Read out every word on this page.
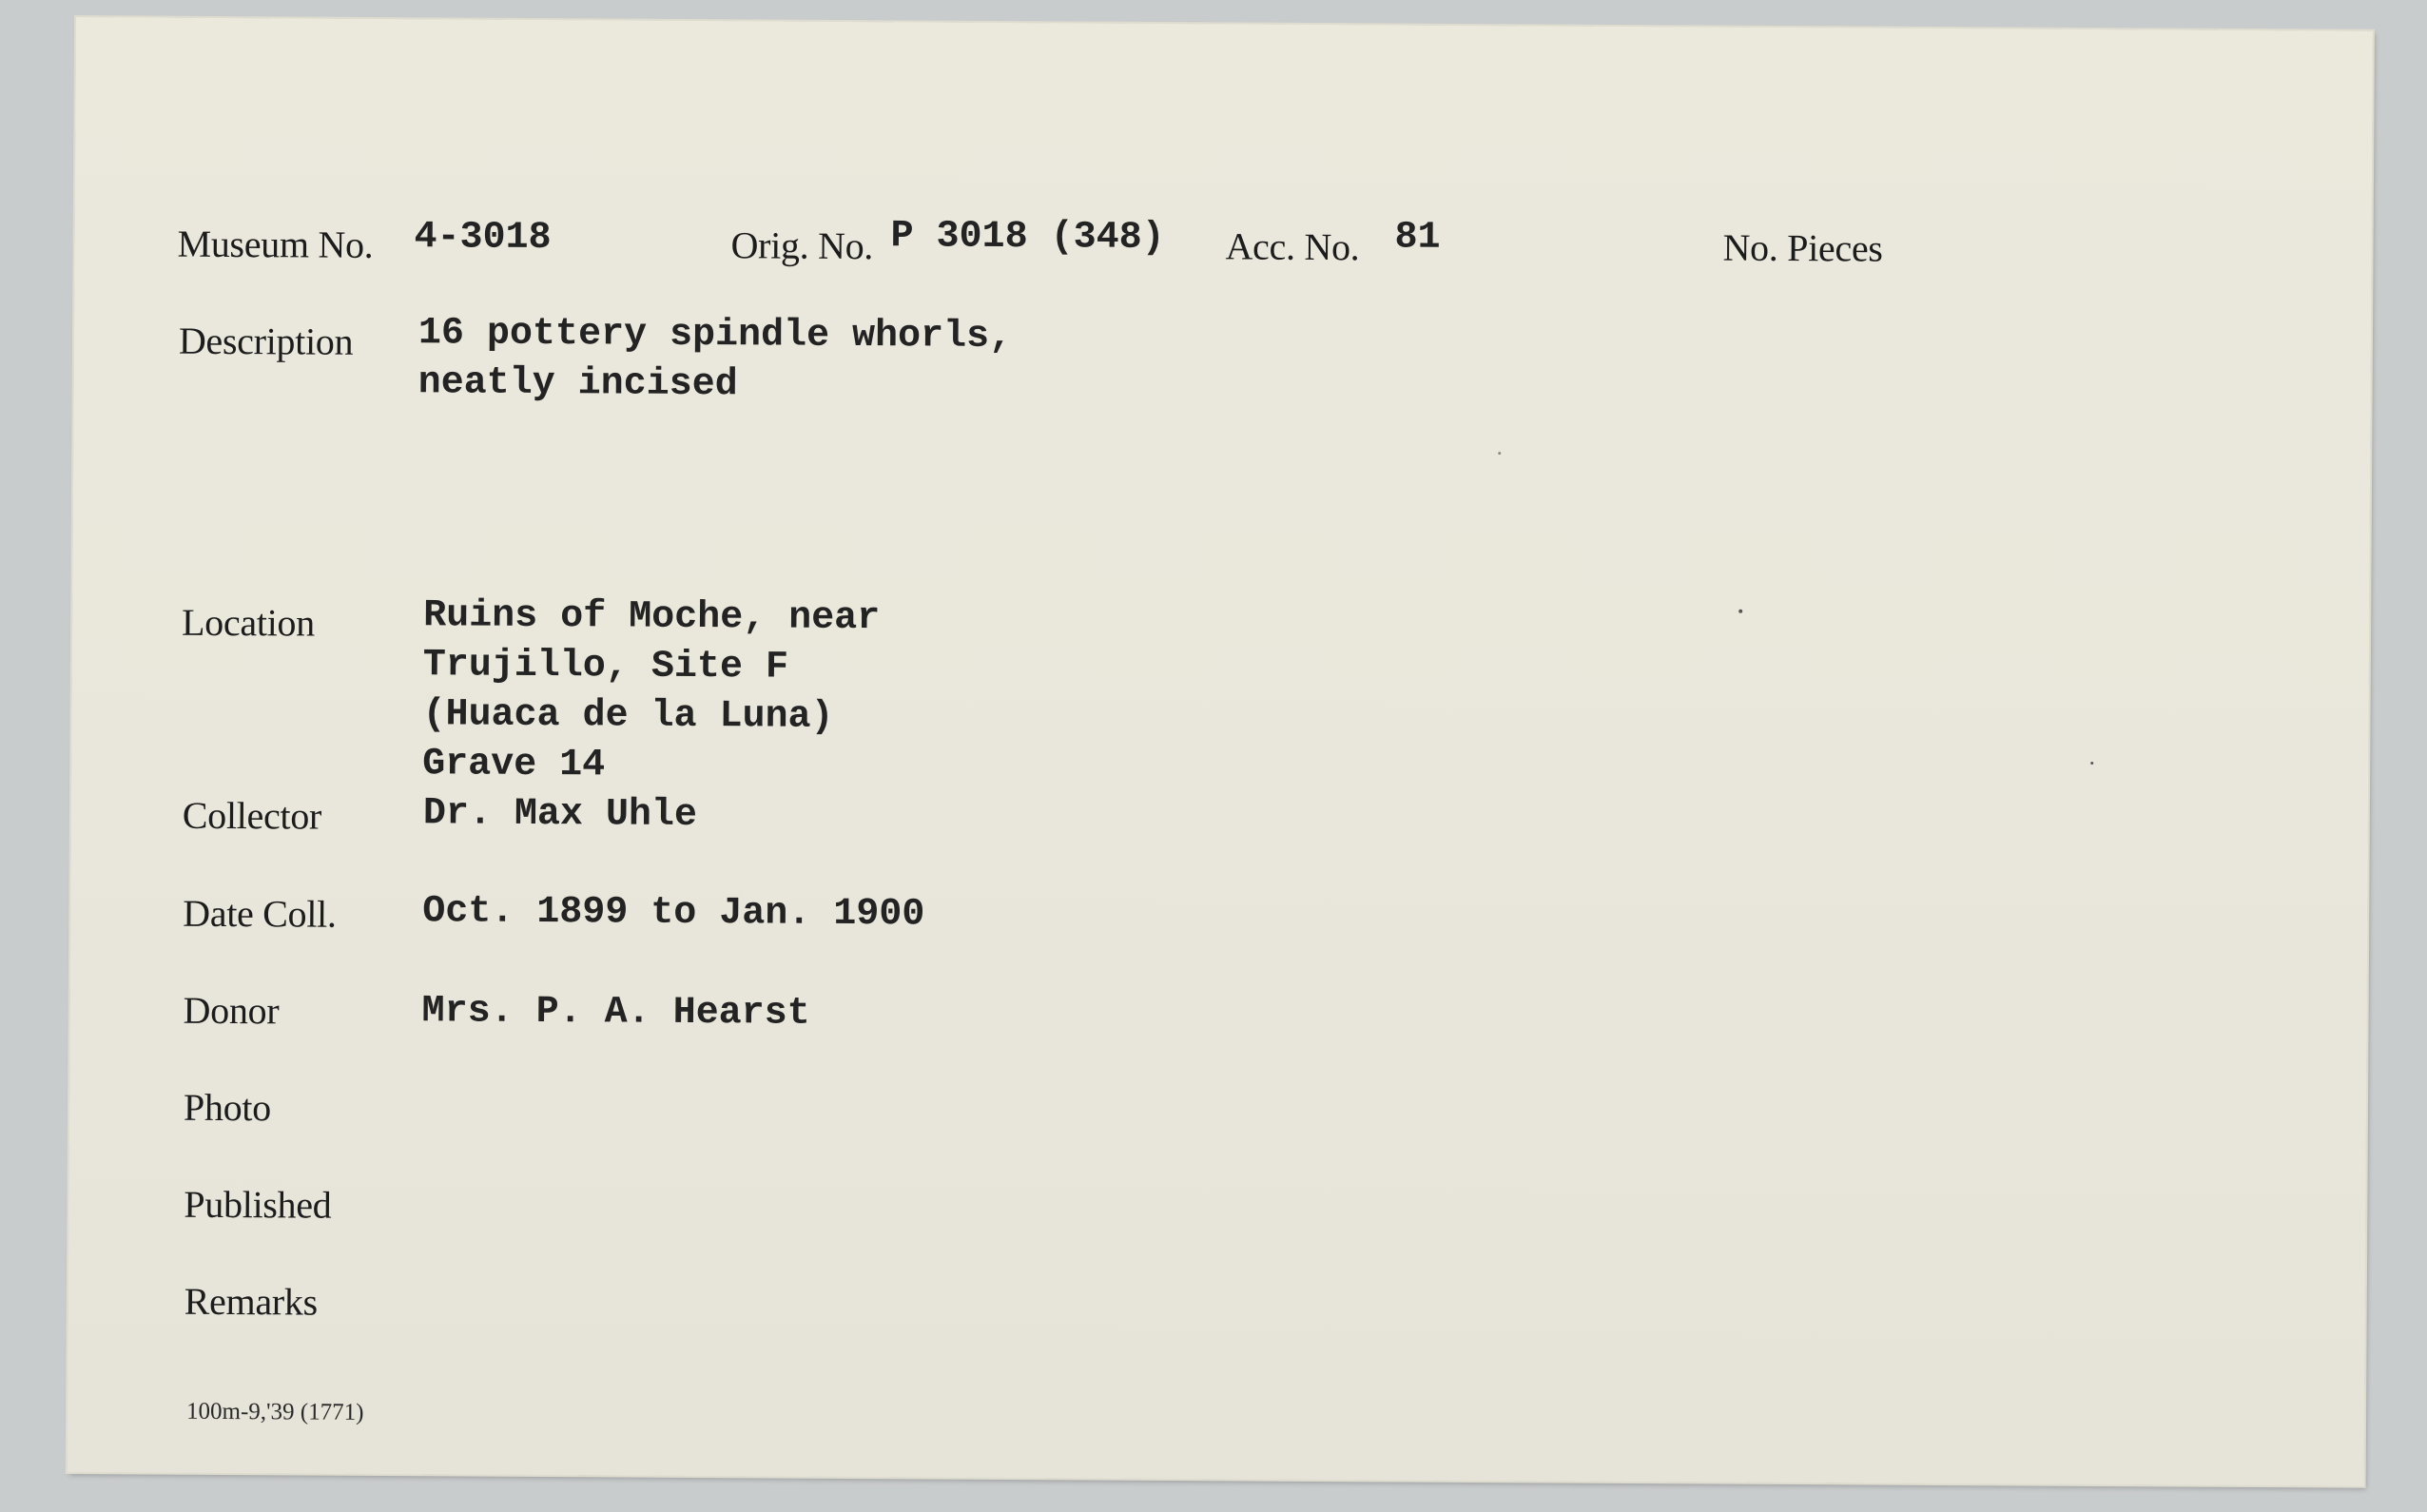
Museum No. 4-3018	Orig. No. P 3018 (348) Acc. No. 81	No. Pieces
Description 16 pottery spindle whorls,
neatly incised
Location	Ruins of Moche, near
Trujillo, Site F
(Huaca de la Luna)
Grave 14
Collector	Dr. Max Uhle
Date Coll. Oct. 1899 to Jan. 1900
Donor	Mrs. P. A. Hearst
Photo
Published
Remarks
100m-9,'39 (1771)
